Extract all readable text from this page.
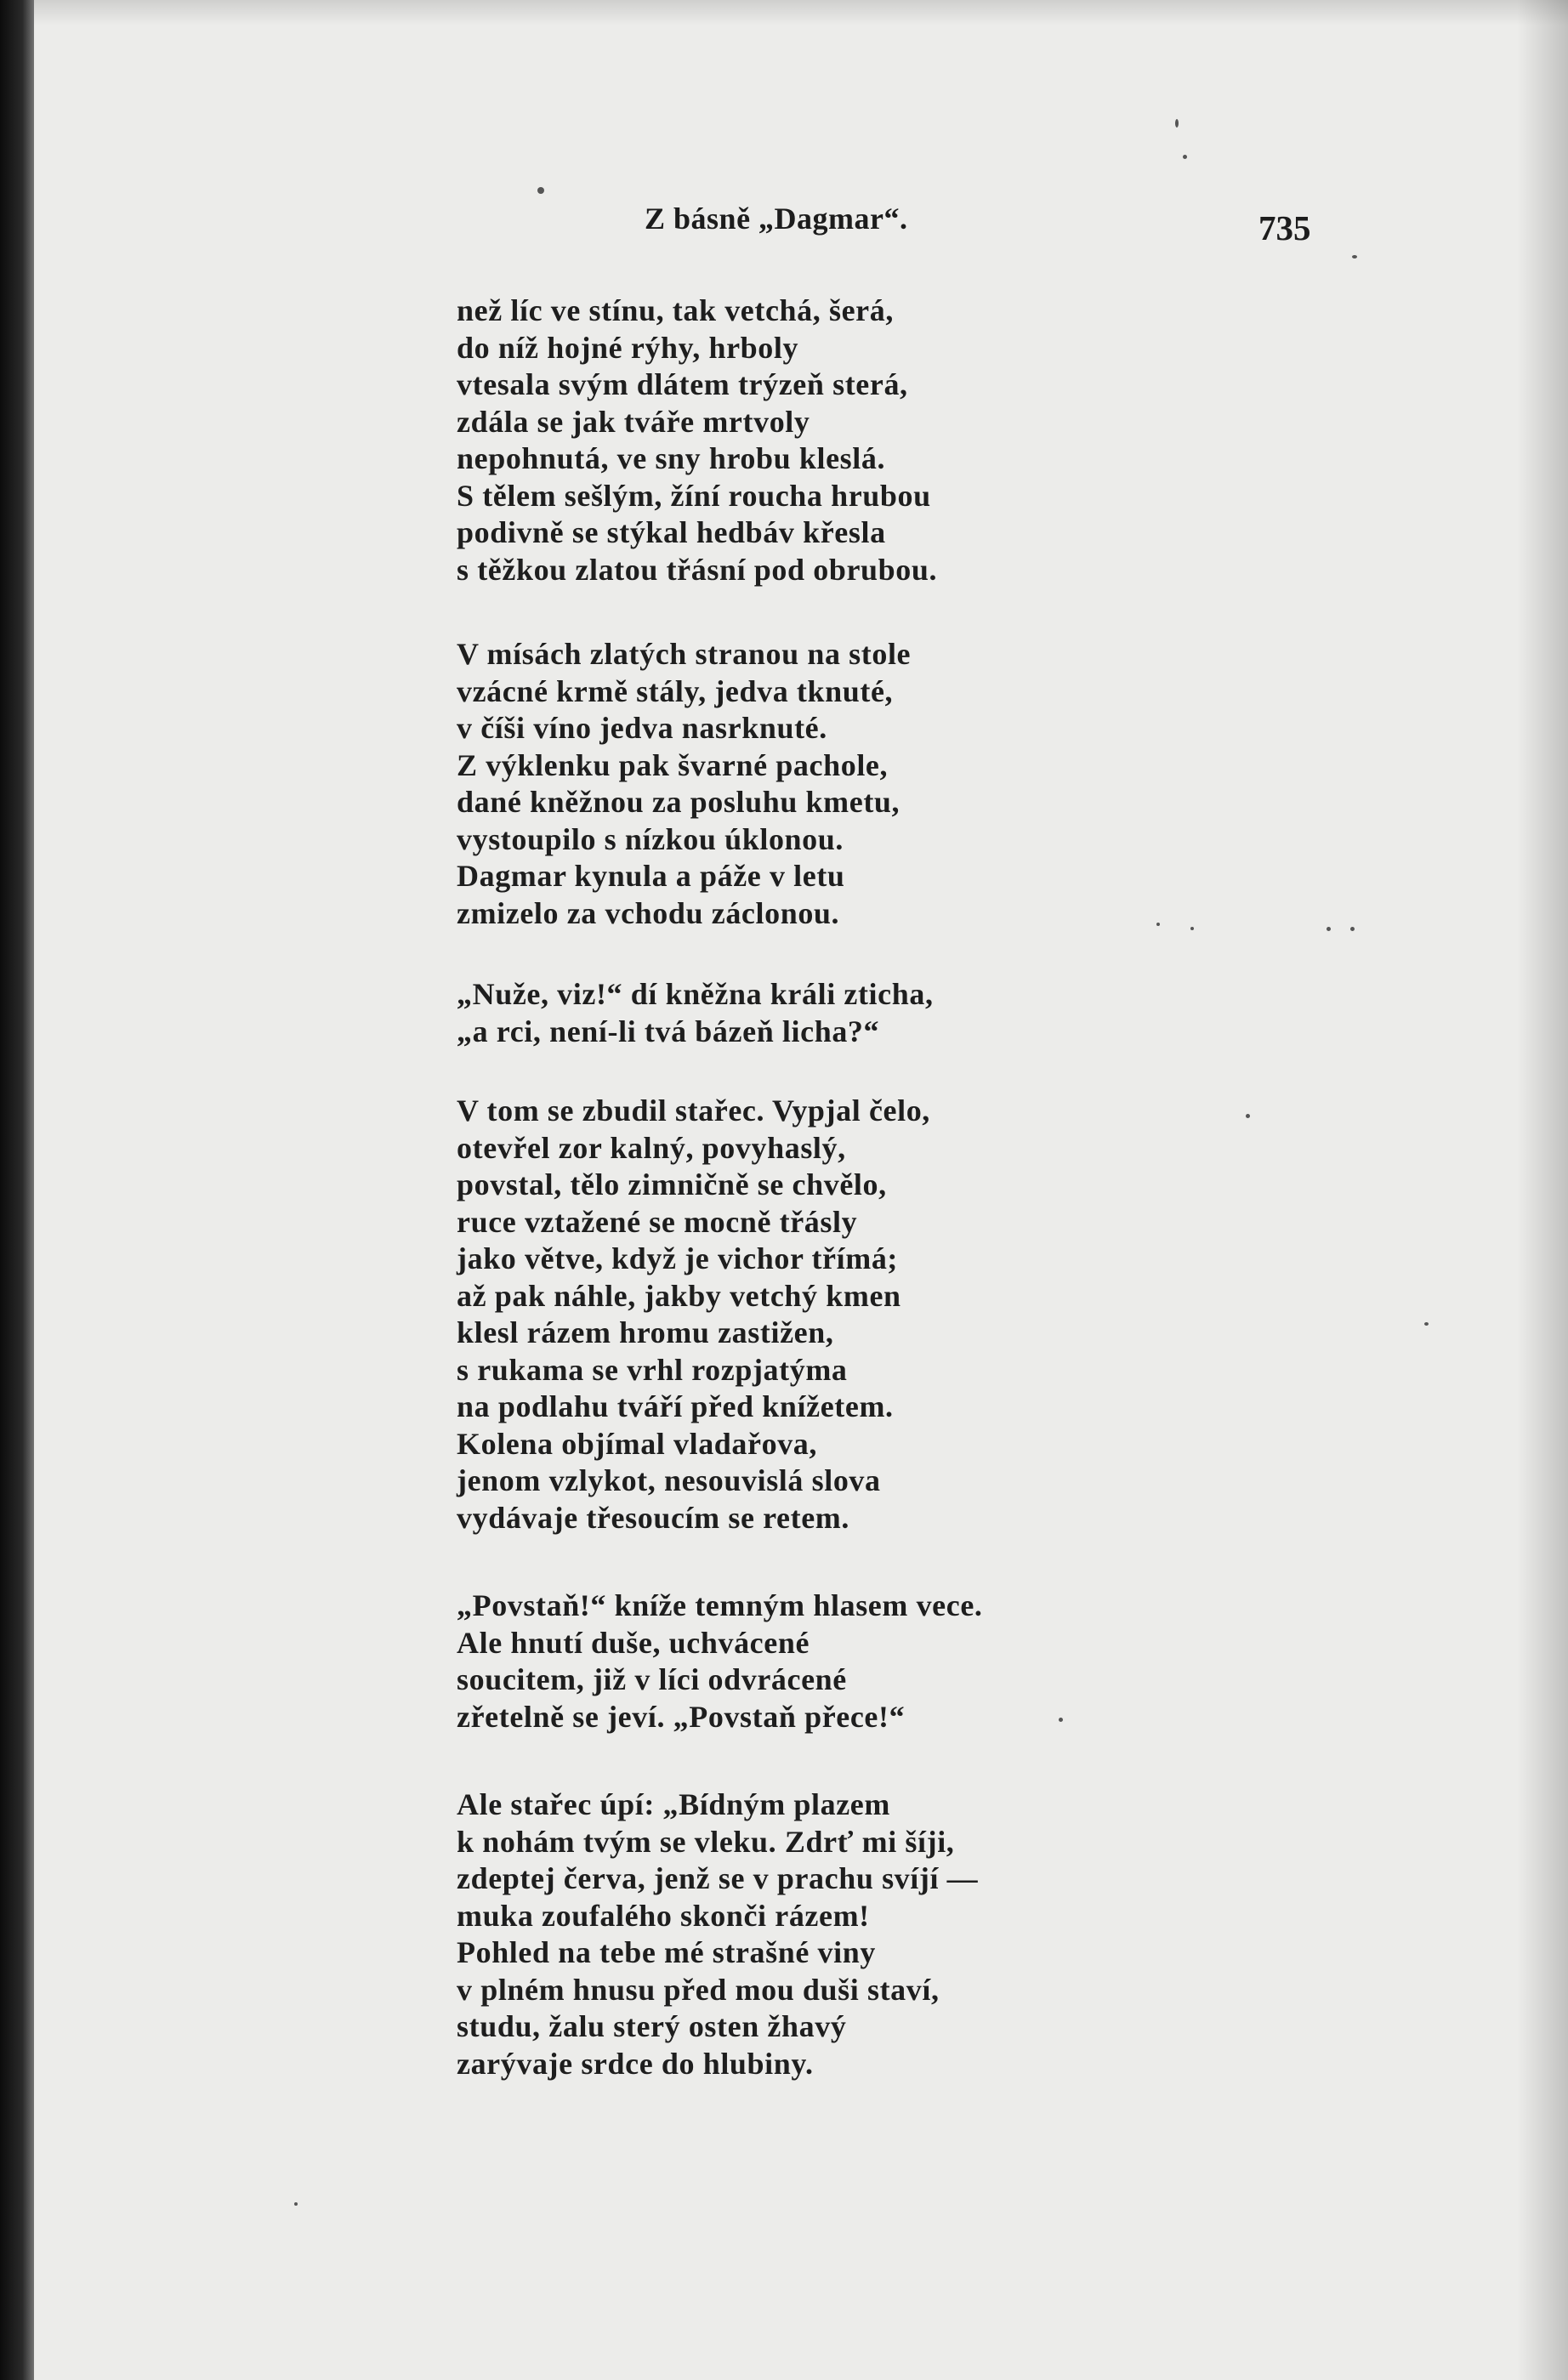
Z básně „Dagmar“.	735
než líc ve stínu, tak vetchá, šerá,
do níž hojné rýhy, hrboly
vtesala svým dlátem trýzeň sterá,
zdála se jak tváře mrtvoly
nepohnutá, ve sny hrobu kleslá.
S tělem sešlým, žíní roucha hrubou
podivně se stýkal hedbáv křesla
s těžkou zlatou třásní pod obrubou.
V mísách zlatých stranou na stole
vzácné krmě stály, jedva tknuté,
v číši víno jedva nasrknuté.
Z výklenku pak švarné pachole,
dané kněžnou za posluhu kmetu,
vystoupilo s nízkou úklonou.
Dagmar kynula a páže v letu
zmizelo za vchodu záclonou.
„Nuže, viz!“ dí kněžna králi zticha,
„a rci, není-li tvá bázeň licha?“
V tom se zbudil stařec. Vypjal čelo,
otevřel zor kalný, povyhaslý,
povstal, tělo zimničně se chvělo,
ruce vztažené se mocně třásly
jako větve, když je vichor třímá;
až pak náhle, jakby vetchý kmen
klesl rázem hromu zastižen,
s rukama se vrhl rozpjatýma
na podlahu tváří před knížetem.
Kolena objímal vladařova,
jenom vzlykot, nesouvislá slova
vydávaje třesoucím se retem.
„Povstaň!“ kníže temným hlasem vece.
Ale hnutí duše, uchvácené
soucitem, již v líci odvrácené
zřetelně se jeví. „Povstaň přece!“
Ale stařec úpí: „Bídným plazem
k nohám tvým se vleku. Zdrť mi šíji,
zdeptej červa, jenž se v prachu svíjí —
muka zoufalého skonči rázem!
Pohled na tebe mé strašné viny
v plném hnusu před mou duši staví,
studu, žalu sterý osten žhavý
zarývaje srdce do hlubiny.
